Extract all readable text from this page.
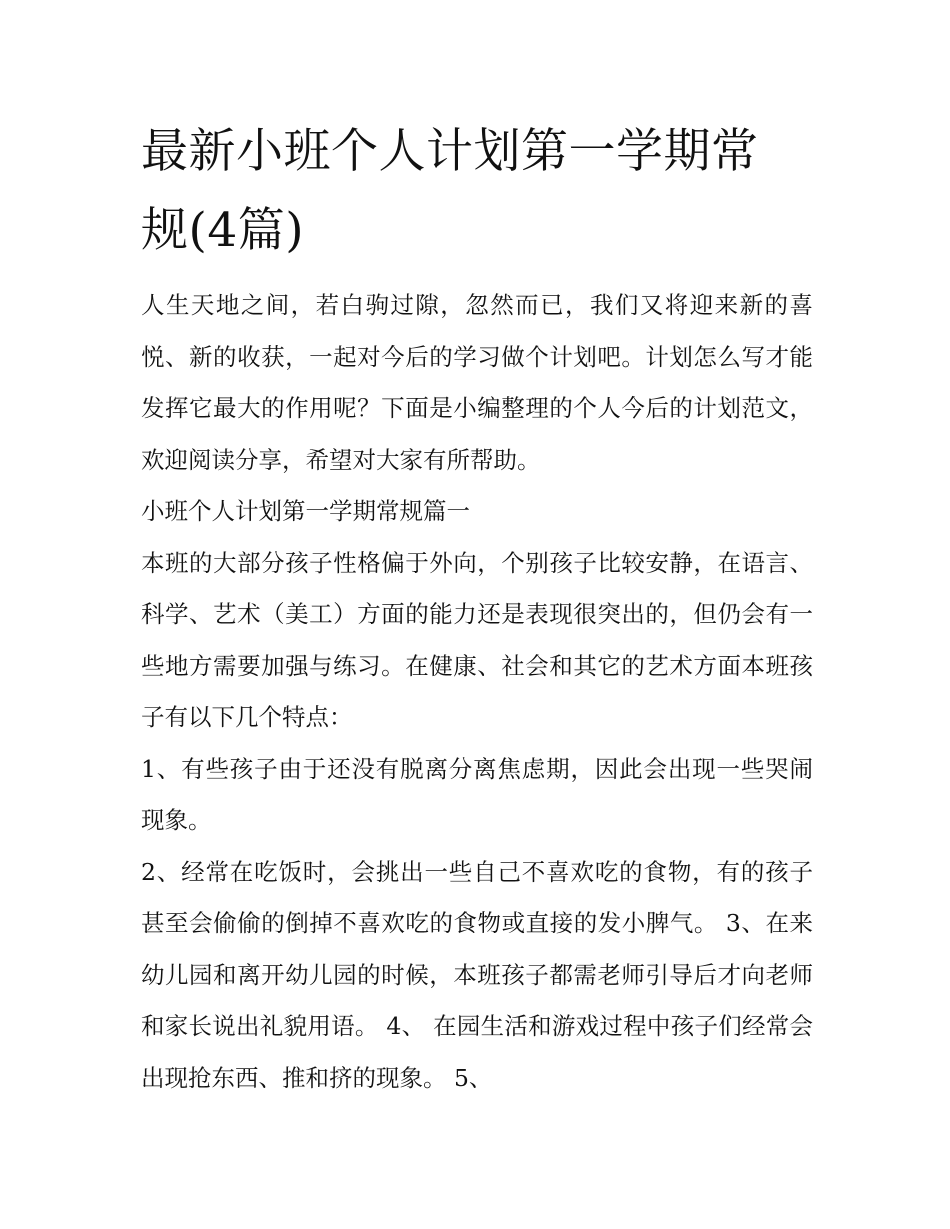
最新小班个人计划第一学期常规(4篇)

人生天地之间，若白驹过隙，忽然而已，我们又将迎来新的喜悦、新的收获，一起对今后的学习做个计划吧。计划怎么写才能发挥它最大的作用呢？下面是小编整理的个人今后的计划范文，欢迎阅读分享，希望对大家有所帮助。

小班个人计划第一学期常规篇一

本班的大部分孩子性格偏于外向，个别孩子比较安静，在语言、科学、艺术（美工）方面的能力还是表现很突出的，但仍会有一些地方需要加强与练习。在健康、社会和其它的艺术方面本班孩子有以下几个特点：

1、有些孩子由于还没有脱离分离焦虑期，因此会出现一些哭闹现象。

2、经常在吃饭时，会挑出一些自己不喜欢吃的食物，有的孩子甚至会偷偷的倒掉不喜欢吃的食物或直接的发小脾气。 3、在来幼儿园和离开幼儿园的时候，本班孩子都需老师引导后才向老师和家长说出礼貌用语。 4、 在园生活和游戏过程中孩子们经常会出现抢东西、推和挤的现象。 5、
